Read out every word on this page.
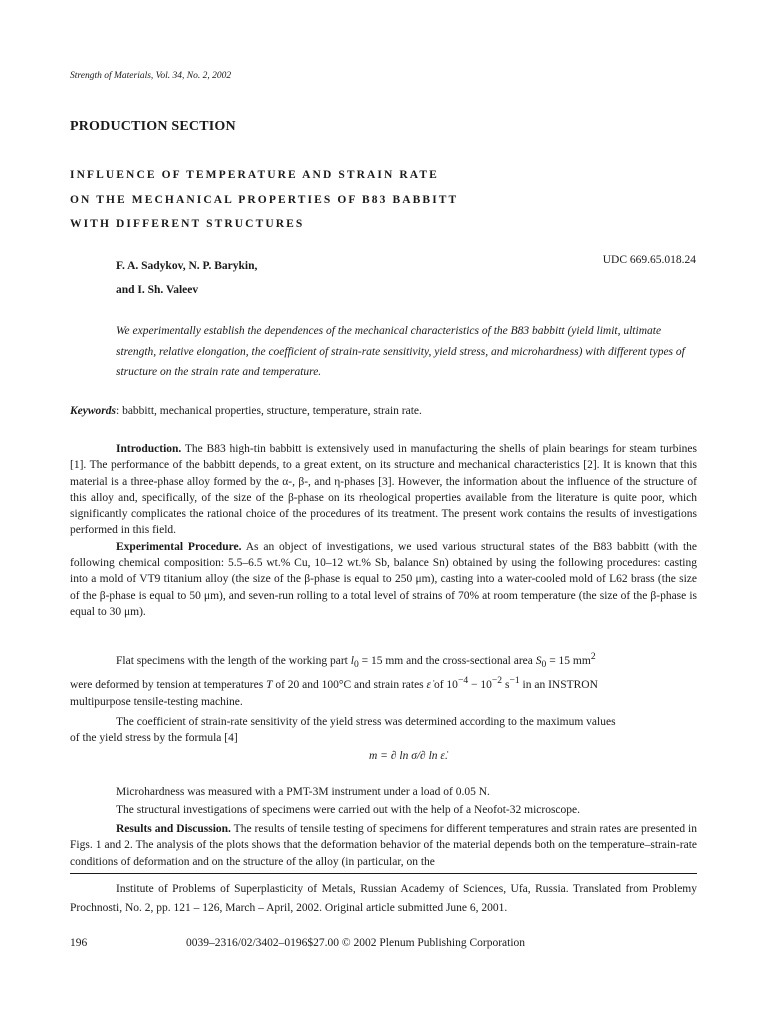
Strength of Materials, Vol. 34, No. 2, 2002
PRODUCTION SECTION
INFLUENCE OF TEMPERATURE AND STRAIN RATE
ON THE MECHANICAL PROPERTIES OF B83 BABBITT
WITH DIFFERENT STRUCTURES
F. A. Sadykov, N. P. Barykin,
and I. Sh. Valeev
UDC 669.65.018.24
We experimentally establish the dependences of the mechanical characteristics of the B83 babbitt (yield limit, ultimate strength, relative elongation, the coefficient of strain-rate sensitivity, yield stress, and microhardness) with different types of structure on the strain rate and temperature.
Keywords: babbitt, mechanical properties, structure, temperature, strain rate.

Introduction. The B83 high-tin babbitt is extensively used in manufacturing the shells of plain bearings for steam turbines [1]. The performance of the babbitt depends, to a great extent, on its structure and mechanical characteristics [2]. It is known that this material is a three-phase alloy formed by the α-, β-, and η-phases [3]. However, the information about the influence of the structure of this alloy and, specifically, of the size of the β-phase on its rheological properties available from the literature is quite poor, which significantly complicates the rational choice of the procedures of its treatment. The present work contains the results of investigations performed in this field.

Experimental Procedure. As an object of investigations, we used various structural states of the B83 babbitt (with the following chemical composition: 5.5–6.5 wt.% Cu, 10–12 wt.% Sb, balance Sn) obtained by using the following procedures: casting into a mold of VT9 titanium alloy (the size of the β-phase is equal to 250 μm), casting into a water-cooled mold of L62 brass (the size of the β-phase is equal to 50 μm), and seven-run rolling to a total level of strains of 70% at room temperature (the size of the β-phase is equal to 30 μm).

Flat specimens with the length of the working part $l_0 = 15$ mm and the cross-sectional area $S_0 = 15$ $mm^2$
were deformed by tension at temperatures T of 20 and 100°C and strain rates ε̇ of $10^{-4} - 10^{-2}$ $s^{-1}$ in an INSTRON
multipurpose tensile-testing machine.
The coefficient of strain-rate sensitivity of the yield stress was determined according to the maximum values
of the yield stress by the formula [4]
m = ∂ ln σ/∂ ln ε̇.
Microhardness was measured with a PMT-3M instrument under a load of 0.05 N.
The structural investigations of specimens were carried out with the help of a Neofot-32 microscope.

Results and Discussion. The results of tensile testing of specimens for different temperatures and strain rates are presented in Figs. 1 and 2. The analysis of the plots shows that the deformation behavior of the material depends both on the temperature–strain-rate conditions of deformation and on the structure of the alloy (in particular, on the

Institute of Problems of Superplasticity of Metals, Russian Academy of Sciences, Ufa, Russia. Translated from Problemy Prochnosti, No. 2, pp. 121 – 126, March – April, 2002. Original article submitted June 6, 2001.
196	0039–2316/02/3402–0196$27.00 © 2002 Plenum Publishing Corporation
